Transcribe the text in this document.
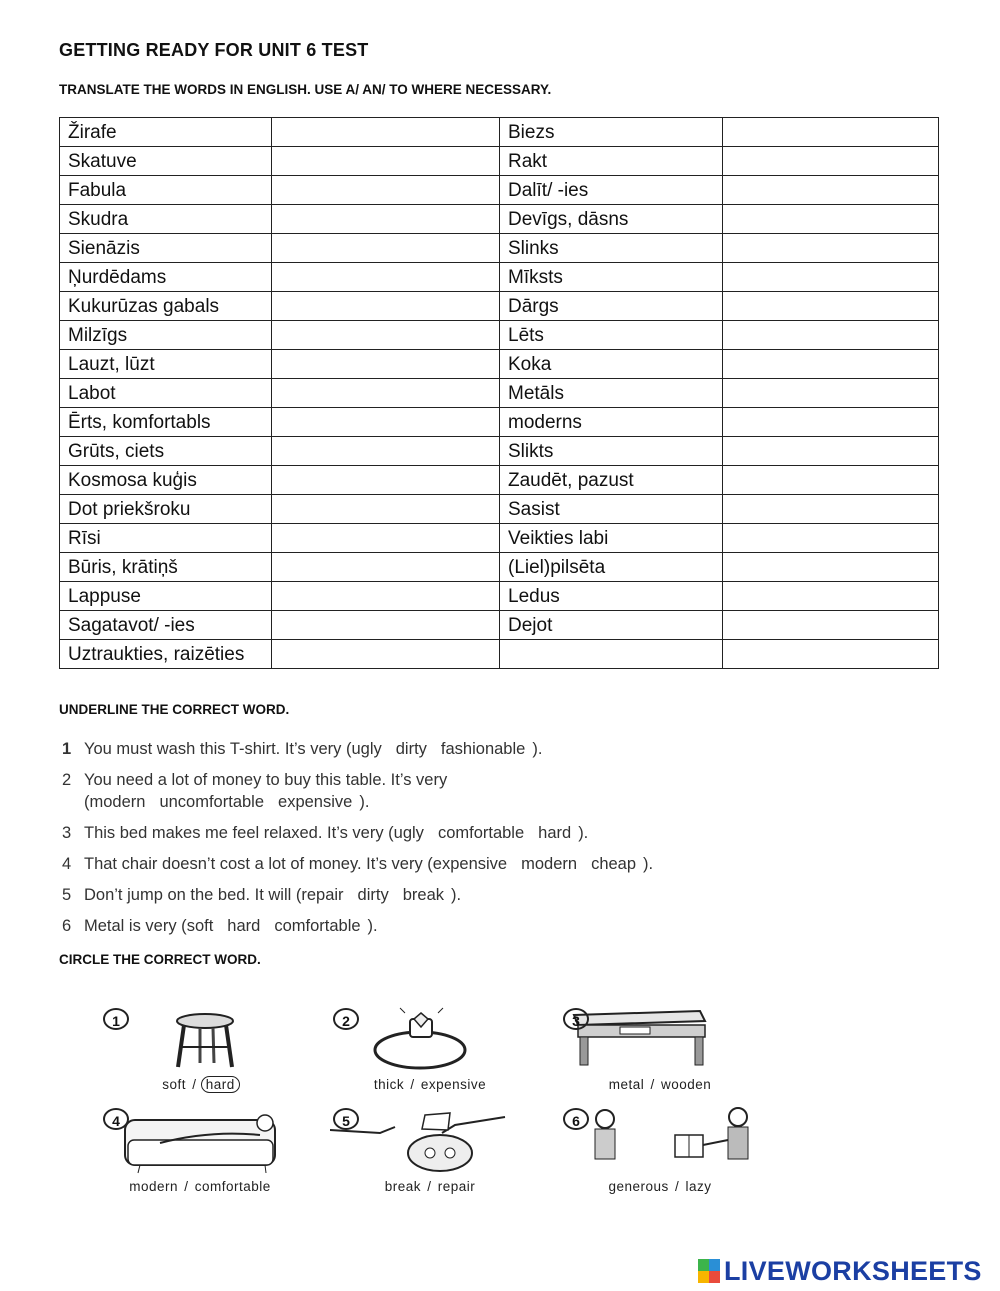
GETTING READY FOR UNIT 6 TEST
TRANSLATE THE WORDS IN ENGLISH. USE A/ AN/ TO WHERE NECESSARY.
Žirafe		Biezs	
Skatuve		Rakt	
Fabula		Dalīt/ -ies	
Skudra		Devīgs, dāsns	
Sienāzis		Slinks	
Ņurdēdams		Mīksts	
Kukurūzas gabals		Dārgs	
Milzīgs		Lēts	
Lauzt, lūzt		Koka	
Labot		Metāls	
Ērts, komfortabls		moderns	
Grūts, ciets		Slikts	
Kosmosa kuģis		Zaudēt, pazust	
Dot priekšroku		Sasist	
Rīsi		Veikties labi	
Būris, krātiņš		(Liel)pilsēta	
Lappuse		Ledus	
Sagatavot/ -ies		Dejot	
Uztraukties, raizēties			
UNDERLINE THE CORRECT WORD.
1 You must wash this T-shirt. It’s very (ugly dirty fashionable ).
2 You need a lot of money to buy this table. It’s very
(modern uncomfortable expensive ).
3 This bed makes me feel relaxed. It’s very (ugly comfortable hard ).
4 That chair doesn’t cost a lot of money. It’s very (expensive modern cheap ).
5 Don’t jump on the bed. It will (repair dirty break ).
6 Metal is very (soft hard comfortable ).
CIRCLE THE CORRECT WORD.
1
soft / hard
2
thick / expensive
3
metal / wooden
4
modern / comfortable
5
break / repair
6
generous / lazy
LIVEWORKSHEETS
